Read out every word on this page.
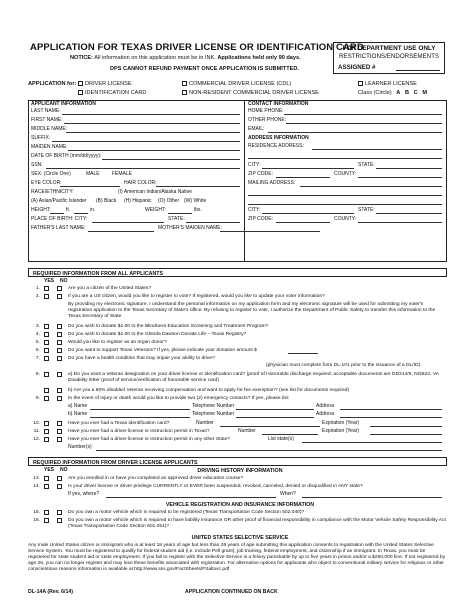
APPLICATION FOR TEXAS DRIVER LICENSE OR IDENTIFICATION CARD
NOTICE: All information on this application must be in INK. Applications held only 90 days.
DPS CANNOT REFUND PAYMENT ONCE APPLICATION IS SUBMITTED.
FOR DEPARTMENT USE ONLY
RESTRICTIONS/ENDORSEMENTS
ASSIGNED #
APPLICATION for:	DRIVER LICENSE
IDENTIFICATION CARD
COMMERCIAL DRIVER LICENSE (CDL)
NON-RESIDENT COMMERCIAL DRIVER LICENSE
LEARNER LICENSE
Class (Circle) A B C M
APPLICANT INFORMATION
LAST NAME:
FIRST NAME:
MIDDLE NAME:
SUFFIX:
MAIDEN NAME:
DATE OF BIRTH (mm/dd/yyyy):
SSN:
SEX: (Circle One)	MALE FEMALE
EYE COLOR:	HAIR COLOR:
RACE/ETHNICITY:	(I) American Indian/Alaska Native
(A) Asian/Pacific Islander (B) Black (H) Hispanic (O) Other (W) White
HEIGHT:	ft.	in.	WEIGHT:	lbs.
PLACE OF BIRTH: CITY:	STATE:
FATHER'S LAST NAME:	MOTHER'S MAIDEN NAME:
CONTACT INFORMATION
HOME PHONE:
OTHER PHONE:
EMAIL:
ADDRESS INFORMATION
RESIDENCE ADDRESS:
CITY:	STATE:
ZIP CODE:	COUNTY:
MAILING ADDRESS:
CITY:	STATE:
ZIP CODE:	COUNTY:
REQUIRED INFORMATION FROM ALL APPLICANTS
YES NO
1.	Are you a citizen of the United States?
2.	If you are a US citizen, would you like to register to vote? If registered, would you like to update your voter information?
By providing my electronic signature, I understand the personal information on my application form and my electronic signature will be used for submitting my voter's registration application to the Texas Secretary of State's office. By refusing to register to vote, I authorize the Department of Public Safety to transfer this information to the Texas Secretary of State.
3.	Do you wish to donate $1.00 to the Blindness Education Screening and Treatment Program?
4.	Do you wish to donate $1.00 to the Glenda Dawson Donate Life – Texas Registry?
5.	Would you like to register as an organ donor?
6.	Do you want to support Texas Veterans? If yes, please indicate your donation amount $
7.	Do you have a health condition that may impair your ability to drive?
(physician must complete form DL-101 prior to the issuance of a DL/ID).
8.	a) Do you want a Veteran designation on your driver license or identification card? (proof of Honorable discharge required; acceptable documents are DD214/5, NGB22, VA Disability letter (proof of service/verification of honorable service card)
b) Are you a 60% disabled Veteran receiving compensation and want to apply for fee exemption? (see list for documents required)
9.	In the event of injury or death would you like to provide two (2) emergency contacts? If yes, please list:
a) Name	Telephone Number	Address
b) Name	Telephone Number	Address
10.	Have you ever had a Texas identification card?	Number	Expiration (Year)
11.	Have you ever had a driver license or instruction permit in Texas?	Number	Expiration (Year)
12.	Have you ever had a driver license or instruction permit in any other State?	List state(s)
Number(s)
REQUIRED INFORMATION FROM DRIVER LICENSE APPLICANTS
YES NO	DRIVING HISTORY INFORMATION
13.	Are you enrolled in or have you completed an approved driver education course?
14.	Is your driver license or driver privilege CURRENTLY or EVER been suspended, revoked, canceled, denied or disqualified in ANY state?
If yes, where?	When?
VEHICLE REGISTRATION AND INSURANCE INFORMATION
15.	Do you own a motor vehicle which is required to be registered (Texas Transportation Code Section 502.040)?
16.	Do you own a motor vehicle which is required to have liability insurance OR other proof of financial responsibility in compliance with the Motor Vehicle Safety Responsibility Act (Texas Transportation Code Section 601.051)?
UNITED STATES SELECTIVE SERVICE
Any male United States citizen or immigrant who is at least 18 years of age but less than 26 years of age submitting this application consents to registration with the United States Selective Service System. You must be registered to qualify for federal student aid (i.e. include Pell grant), job training, federal employment, and citizenship if an immigrant. In Texas, you must be registered for state student aid or state employment. If you fail to register with the Selective Service is a felony punishable by up to five years in prison and/or a $250,000 fine. If not registered by age 26, you can no longer register and may lose these benefits associated with registration. For alternative options for applicants who object to conventional military service for religious or other conscientious reasons information is available at http://www.sss.gov/FactSheets/FSaltsvc.pdf
DL-14A (Rev. 6/14)	APPLICATION CONTINUED ON BACK
